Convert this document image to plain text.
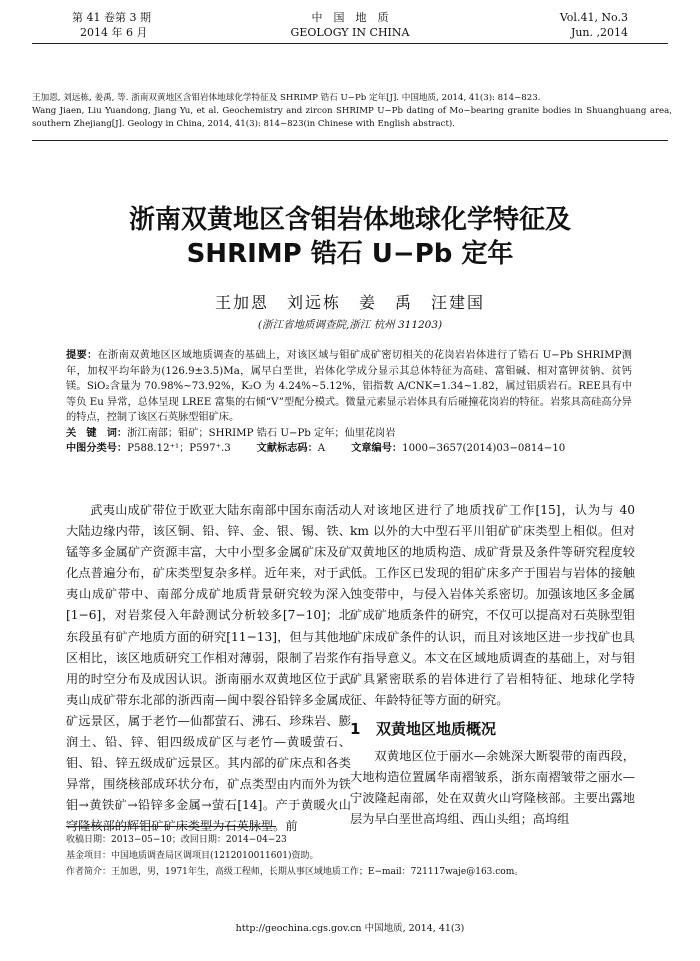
第 41 卷第 3 期
2014 年 6 月
中　国　地　质
GEOLOGY IN CHINA
Vol.41, No.3
Jun. ,2014
王加恩, 刘远栋, 姜禹, 等. 浙南双黄地区含钼岩体地球化学特征及 SHRIMP 锆石 U−Pb 定年[J]. 中国地质, 2014, 41(3): 814−823.
Wang Jiaen, Liu Yuandong, Jiang Yu, et al. Geochemistry and zircon SHRIMP U−Pb dating of Mo−bearing granite bodies in Shuanghuang area, southern Zhejiang[J]. Geology in China, 2014, 41(3): 814−823(in Chinese with English abstract).
浙南双黄地区含钼岩体地球化学特征及
SHRIMP 锆石 U−Pb 定年
王加恩　刘远栋　姜　禹　汪建国
(浙江省地质调查院,浙江 杭州 311203)
提要：在浙南双黄地区区域地质调查的基础上，对该区域与钼矿成矿密切相关的花岗岩岩体进行了锆石 U−Pb SHRIMP测年，加权平均年龄为(126.9±3.5)Ma，属早白垩世，岩体化学成分显示其总体特征为高硅、富钼碱、相对富钾贫钠、贫钙镁。SiO₂含量为 70.98%~73.92%，K₂O 为 4.24%~5.12%，铝指数 A/CNK=1.34~1.82，属过铝质岩石。REE具有中等负 Eu 异常，总体呈现 LREE 富集的右倾“V”型配分模式。微量元素显示岩体具有后碰撞花岗岩的特征。岩浆具高硅高分异的特点，控制了该区石英脉型钼矿床。
关　键　词：浙江南部；钼矿；SHRIMP 锆石 U−Pb 定年；仙里花岗岩
中图分类号：P588.12⁺¹；P597⁺.3	文献标志码：A	文章编号：1000−3657(2014)03−0814−10
武夷山成矿带位于欧亚大陆东南部中国东南活动大陆边缘内带，该区铜、铅、锌、金、银、锡、铁、锰等多金属矿产资源丰富，大中小型多金属矿床及矿化点普遍分布，矿床类型复杂多样。近年来，对于武夷山成矿带中、南部分成矿地质背景研究较为深入[1−6]，对岩浆侵入年龄测试分析较多[7−10]；北东段虽有矿产地质方面的研究[11−13]，但与其他地区相比，该区地质研究工作相对薄弱，限制了岩浆作用的时空分布及成因认识。浙南丽水双黄地区位于武夷山成矿带东北部的浙西南—闽中裂谷铅锌多金属成矿远景区，属于老竹—仙都萤石、沸石、珍珠岩、膨润土、铅、锌、钼四级成矿区与老竹—黄暖萤石、钼、铅、锌五级成矿远景区。其内部的矿床点和各类异常，围绕核部成环状分布，矿点类型由内而外为铁钼→黄铁矿→铅锌多金属→萤石[14]。产于黄暖火山穹隆核部的辉钼矿矿床类型为石英脉型。前
人对该地区进行了地质找矿工作[15]，认为与 40 km 以外的大中型石平川钼矿矿床类型上相似。但对双黄地区的地质构造、成矿背景及条件等研究程度较低。工作区已发现的钼矿床多产于围岩与岩体的接触蚀变带中，与侵入岩体关系密切。加强该地区多金属矿成矿地质条件的研究，不仅可以提高对石英脉型钼矿床成矿条件的认识，而且对该地区进一步找矿也具有指导意义。本文在区域地质调查的基础上，对与钼矿具紧密联系的岩体进行了岩相特征、地球化学特征、年龄特征等方面的研究。
1 双黄地区地质概况
双黄地区位于丽水—余姚深大断裂带的南西段，大地构造位置属华南褶皱系，浙东南褶皱带之丽水—宁波隆起南部，处在双黄火山穹隆核部。主要出露地层为早白垩世高坞组、西山头组；高坞组
收稿日期：2013−05−10；改回日期：2014−04−23
基金项目：中国地质调查局区调项目(1212010011601)资助。
作者简介：王加恩，男，1971年生，高级工程师，长期从事区域地质工作；E−mail：721117waje@163.com。
http://geochina.cgs.gov.cn 中国地质, 2014, 41(3)
